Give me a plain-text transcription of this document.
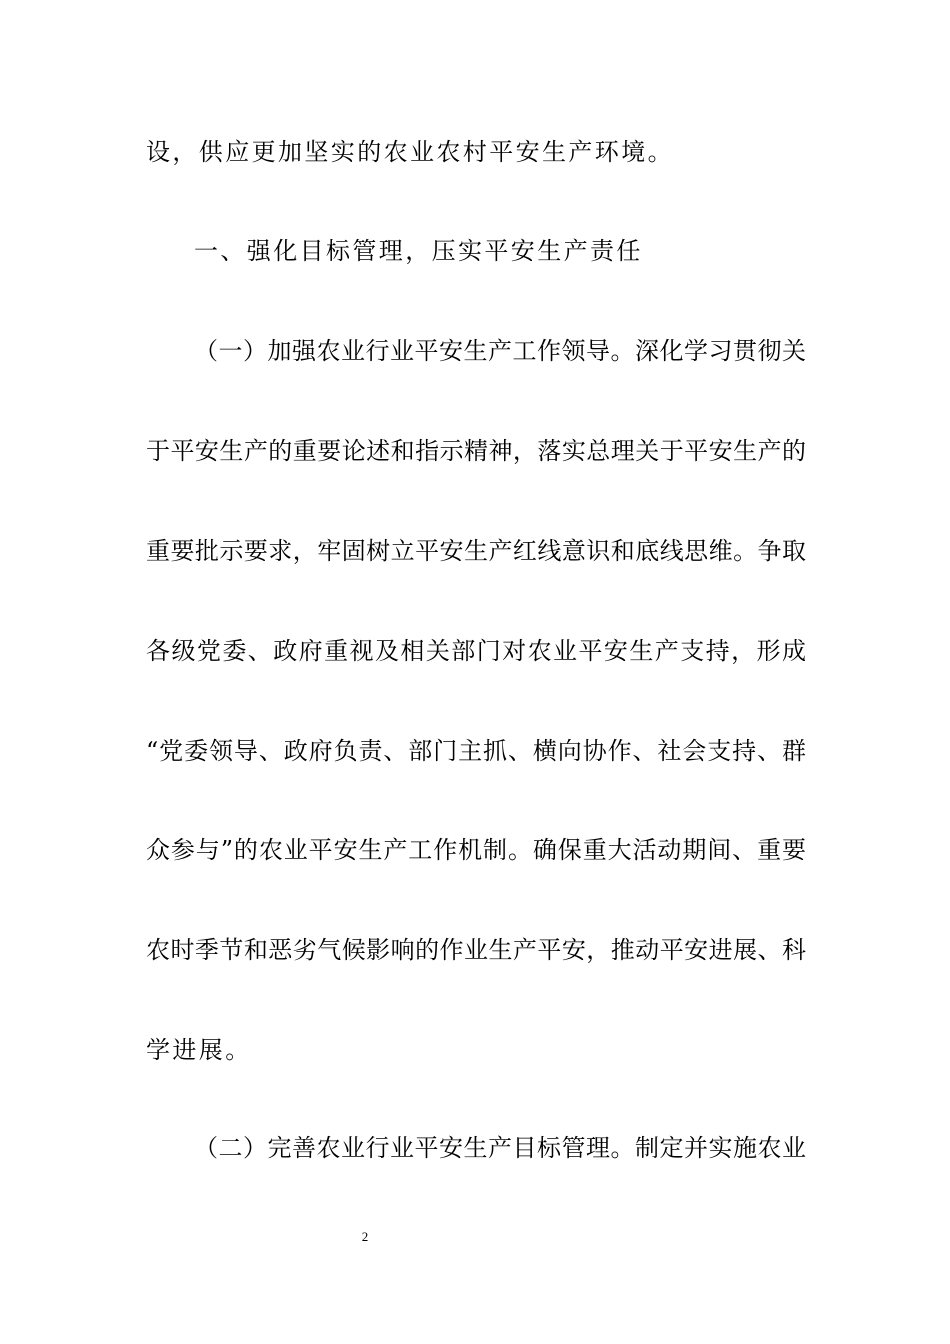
设，供应更加坚实的农业农村平安生产环境。
一、强化目标管理，压实平安生产责任
（一）加强农业行业平安生产工作领导。深化学习贯彻关
于平安生产的重要论述和指示精神，落实总理关于平安生产的
重要批示要求，牢固树立平安生产红线意识和底线思维。争取
各级党委、政府重视及相关部门对农业平安生产支持，形成
“党委领导、政府负责、部门主抓、横向协作、社会支持、群
众参与”的农业平安生产工作机制。确保重大活动期间、重要
农时季节和恶劣气候影响的作业生产平安，推动平安进展、科
学进展。
（二）完善农业行业平安生产目标管理。制定并实施农业
2
